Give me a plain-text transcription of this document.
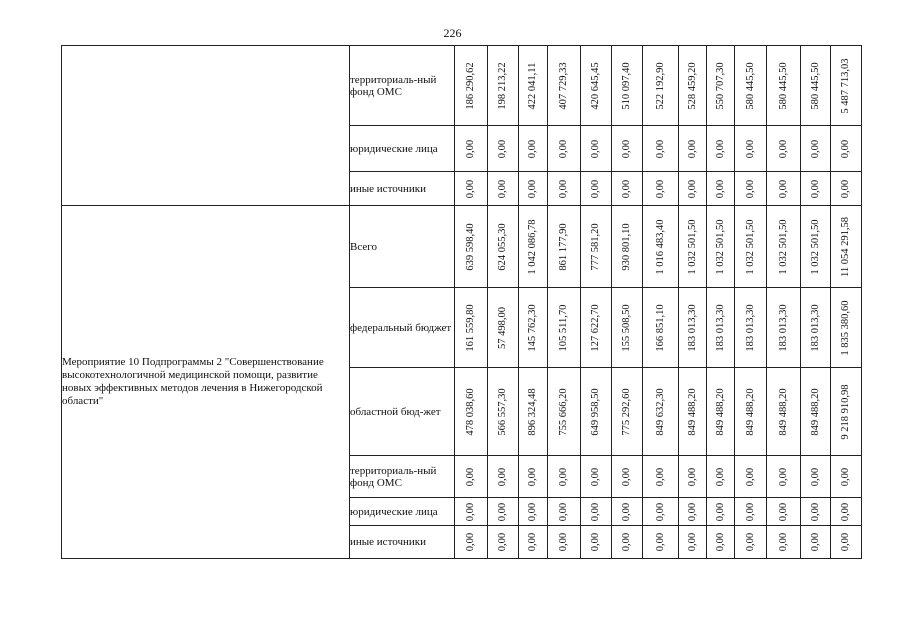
226
	территориаль-ный фонд ОМС	186 290,62	198 213,22	422 041,11	407 729,33	420 645,45	510 097,40	522 192,90	528 459,20	550 707,30	580 445,50	580 445,50	580 445,50	5 487 713,03

	юридические лица	0,00	0,00	0,00	0,00	0,00	0,00	0,00	0,00	0,00	0,00	0,00	0,00	0,00

	иные источники	0,00	0,00	0,00	0,00	0,00	0,00	0,00	0,00	0,00	0,00	0,00	0,00	0,00

Мероприятие 10 Подпрограммы 2 "Совершенствование высокотехнологичной медицинской помощи, развитие новых эффективных методов лечения в Нижегородской области"	Всего	639 598,40	624 055,30	1 042 086,78	861 177,90	777 581,20	930 801,10	1 016 483,40	1 032 501,50	1 032 501,50	1 032 501,50	1 032 501,50	1 032 501,50	11 054 291,58

	федеральный бюджет	161 559,80	57 498,00	145 762,30	105 511,70	127 622,70	155 508,50	166 851,10	183 013,30	183 013,30	183 013,30	183 013,30	183 013,30	1 835 380,60

	областной бюд-жет	478 038,60	566 557,30	896 324,48	755 666,20	649 958,50	775 292,60	849 632,30	849 488,20	849 488,20	849 488,20	849 488,20	849 488,20	9 218 910,98

	территориаль-ный фонд ОМС	0,00	0,00	0,00	0,00	0,00	0,00	0,00	0,00	0,00	0,00	0,00	0,00	0,00

	юридические лица	0,00	0,00	0,00	0,00	0,00	0,00	0,00	0,00	0,00	0,00	0,00	0,00	0,00

	иные источники	0,00	0,00	0,00	0,00	0,00	0,00	0,00	0,00	0,00	0,00	0,00	0,00	0,00
